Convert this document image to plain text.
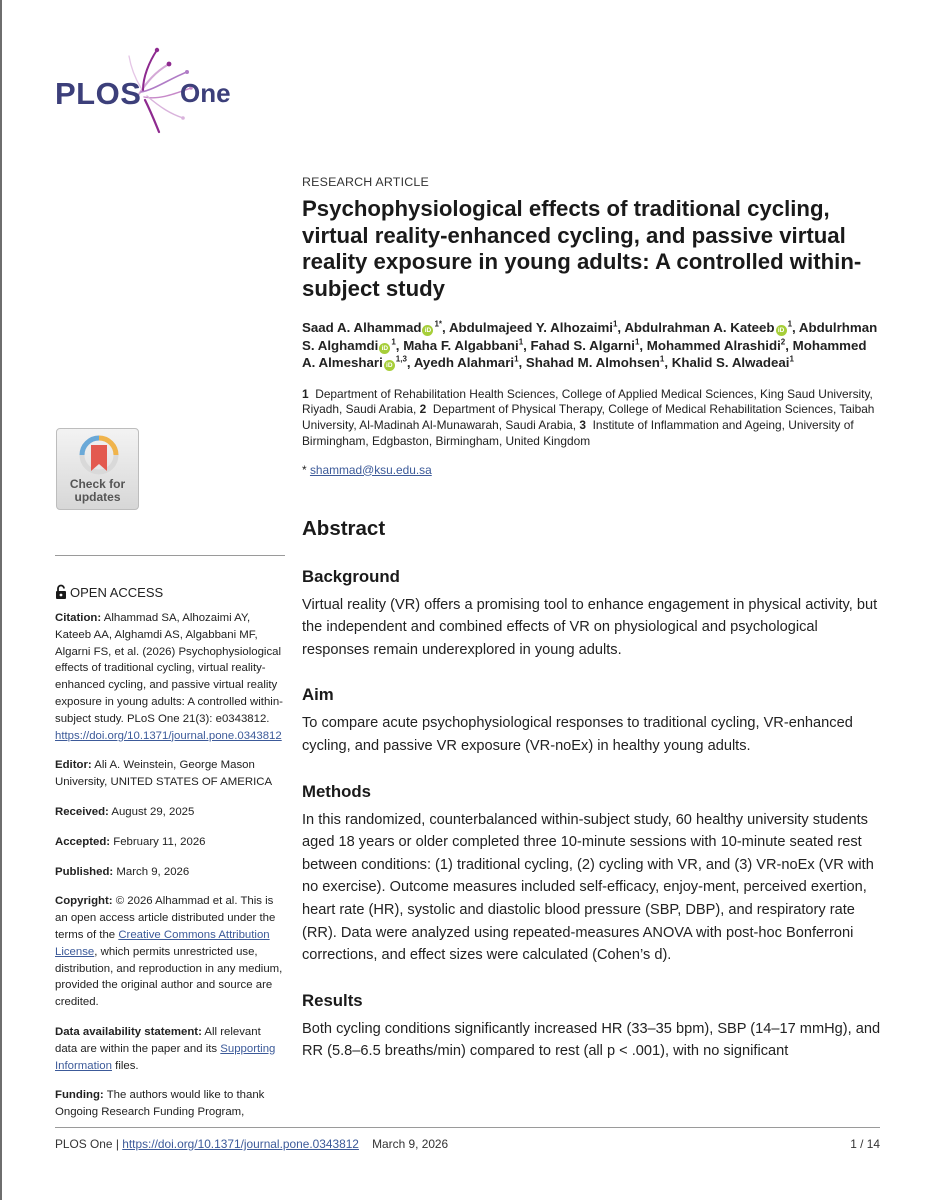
PLOS One
Check for
updates
OPEN ACCESS
Citation: Alhammad SA, Alhozaimi AY, Kateeb AA, Alghamdi AS, Algabbani MF, Algarni FS, et al. (2026) Psychophysiological effects of traditional cycling, virtual reality-enhanced cycling, and passive virtual reality exposure in young adults: A controlled within-subject study. PLoS One 21(3): e0343812. https://doi.org/10.1371/journal.pone.0343812
Editor: Ali A. Weinstein, George Mason University, UNITED STATES OF AMERICA
Received: August 29, 2025
Accepted: February 11, 2026
Published: March 9, 2026
Copyright: © 2026 Alhammad et al. This is an open access article distributed under the terms of the Creative Commons Attribution License, which permits unrestricted use, distribution, and reproduction in any medium, provided the original author and source are credited.
Data availability statement: All relevant data are within the paper and its Supporting Information files.
Funding: The authors would like to thank Ongoing Research Funding Program,
RESEARCH ARTICLE
Psychophysiological effects of traditional cycling, virtual reality-enhanced cycling, and passive virtual reality exposure in young adults: A controlled within-subject study
Saad A. Alhammad $iD^{1*}$, Abdulmajeed Y. Alhozaimi$^1$, Abdulrahman A. Kateeb $iD^1$, Abdulrhman S. Alghamdi $iD^1$, Maha F. Algabbani$^1$, Fahad S. Algarni$^1$, Mohammed Alrashidi$^2$, Mohammed A. Almeshari iD$^{1,3}$, Ayedh Alahmari$^1$, Shahad M. Almohsen$^1$, Khalid S. Alwadeai$^1$
1 Department of Rehabilitation Health Sciences, College of Applied Medical Sciences, King Saud University, Riyadh, Saudi Arabia, 2 Department of Physical Therapy, College of Medical Rehabilitation Sciences, Taibah University, Al-Madinah Al-Munawarah, Saudi Arabia, 3 Institute of Inflammation and Ageing, University of Birmingham, Edgbaston, Birmingham, United Kingdom
* shammad@ksu.edu.sa
Abstract
Background
Virtual reality (VR) offers a promising tool to enhance engagement in physical activity, but the independent and combined effects of VR on physiological and psychological responses remain underexplored in young adults.
Aim
To compare acute psychophysiological responses to traditional cycling, VR-enhanced cycling, and passive VR exposure (VR-noEx) in healthy young adults.
Methods
In this randomized, counterbalanced within-subject study, 60 healthy university students aged 18 years or older completed three 10-minute sessions with 10-minute seated rest between conditions: (1) traditional cycling, (2) cycling with VR, and (3) VR-noEx (VR with no exercise). Outcome measures included self-efficacy, enjoy-ment, perceived exertion, heart rate (HR), systolic and diastolic blood pressure (SBP, DBP), and respiratory rate (RR). Data were analyzed using repeated-measures ANOVA with post-hoc Bonferroni corrections, and effect sizes were calculated (Cohen’s d).
Results
Both cycling conditions significantly increased HR (33–35 bpm), SBP (14–17 mmHg), and RR (5.8–6.5 breaths/min) compared to rest (all p < .001), with no significant
PLOS One | https://doi.org/10.1371/journal.pone.0343812 March 9, 2026	1 / 14
